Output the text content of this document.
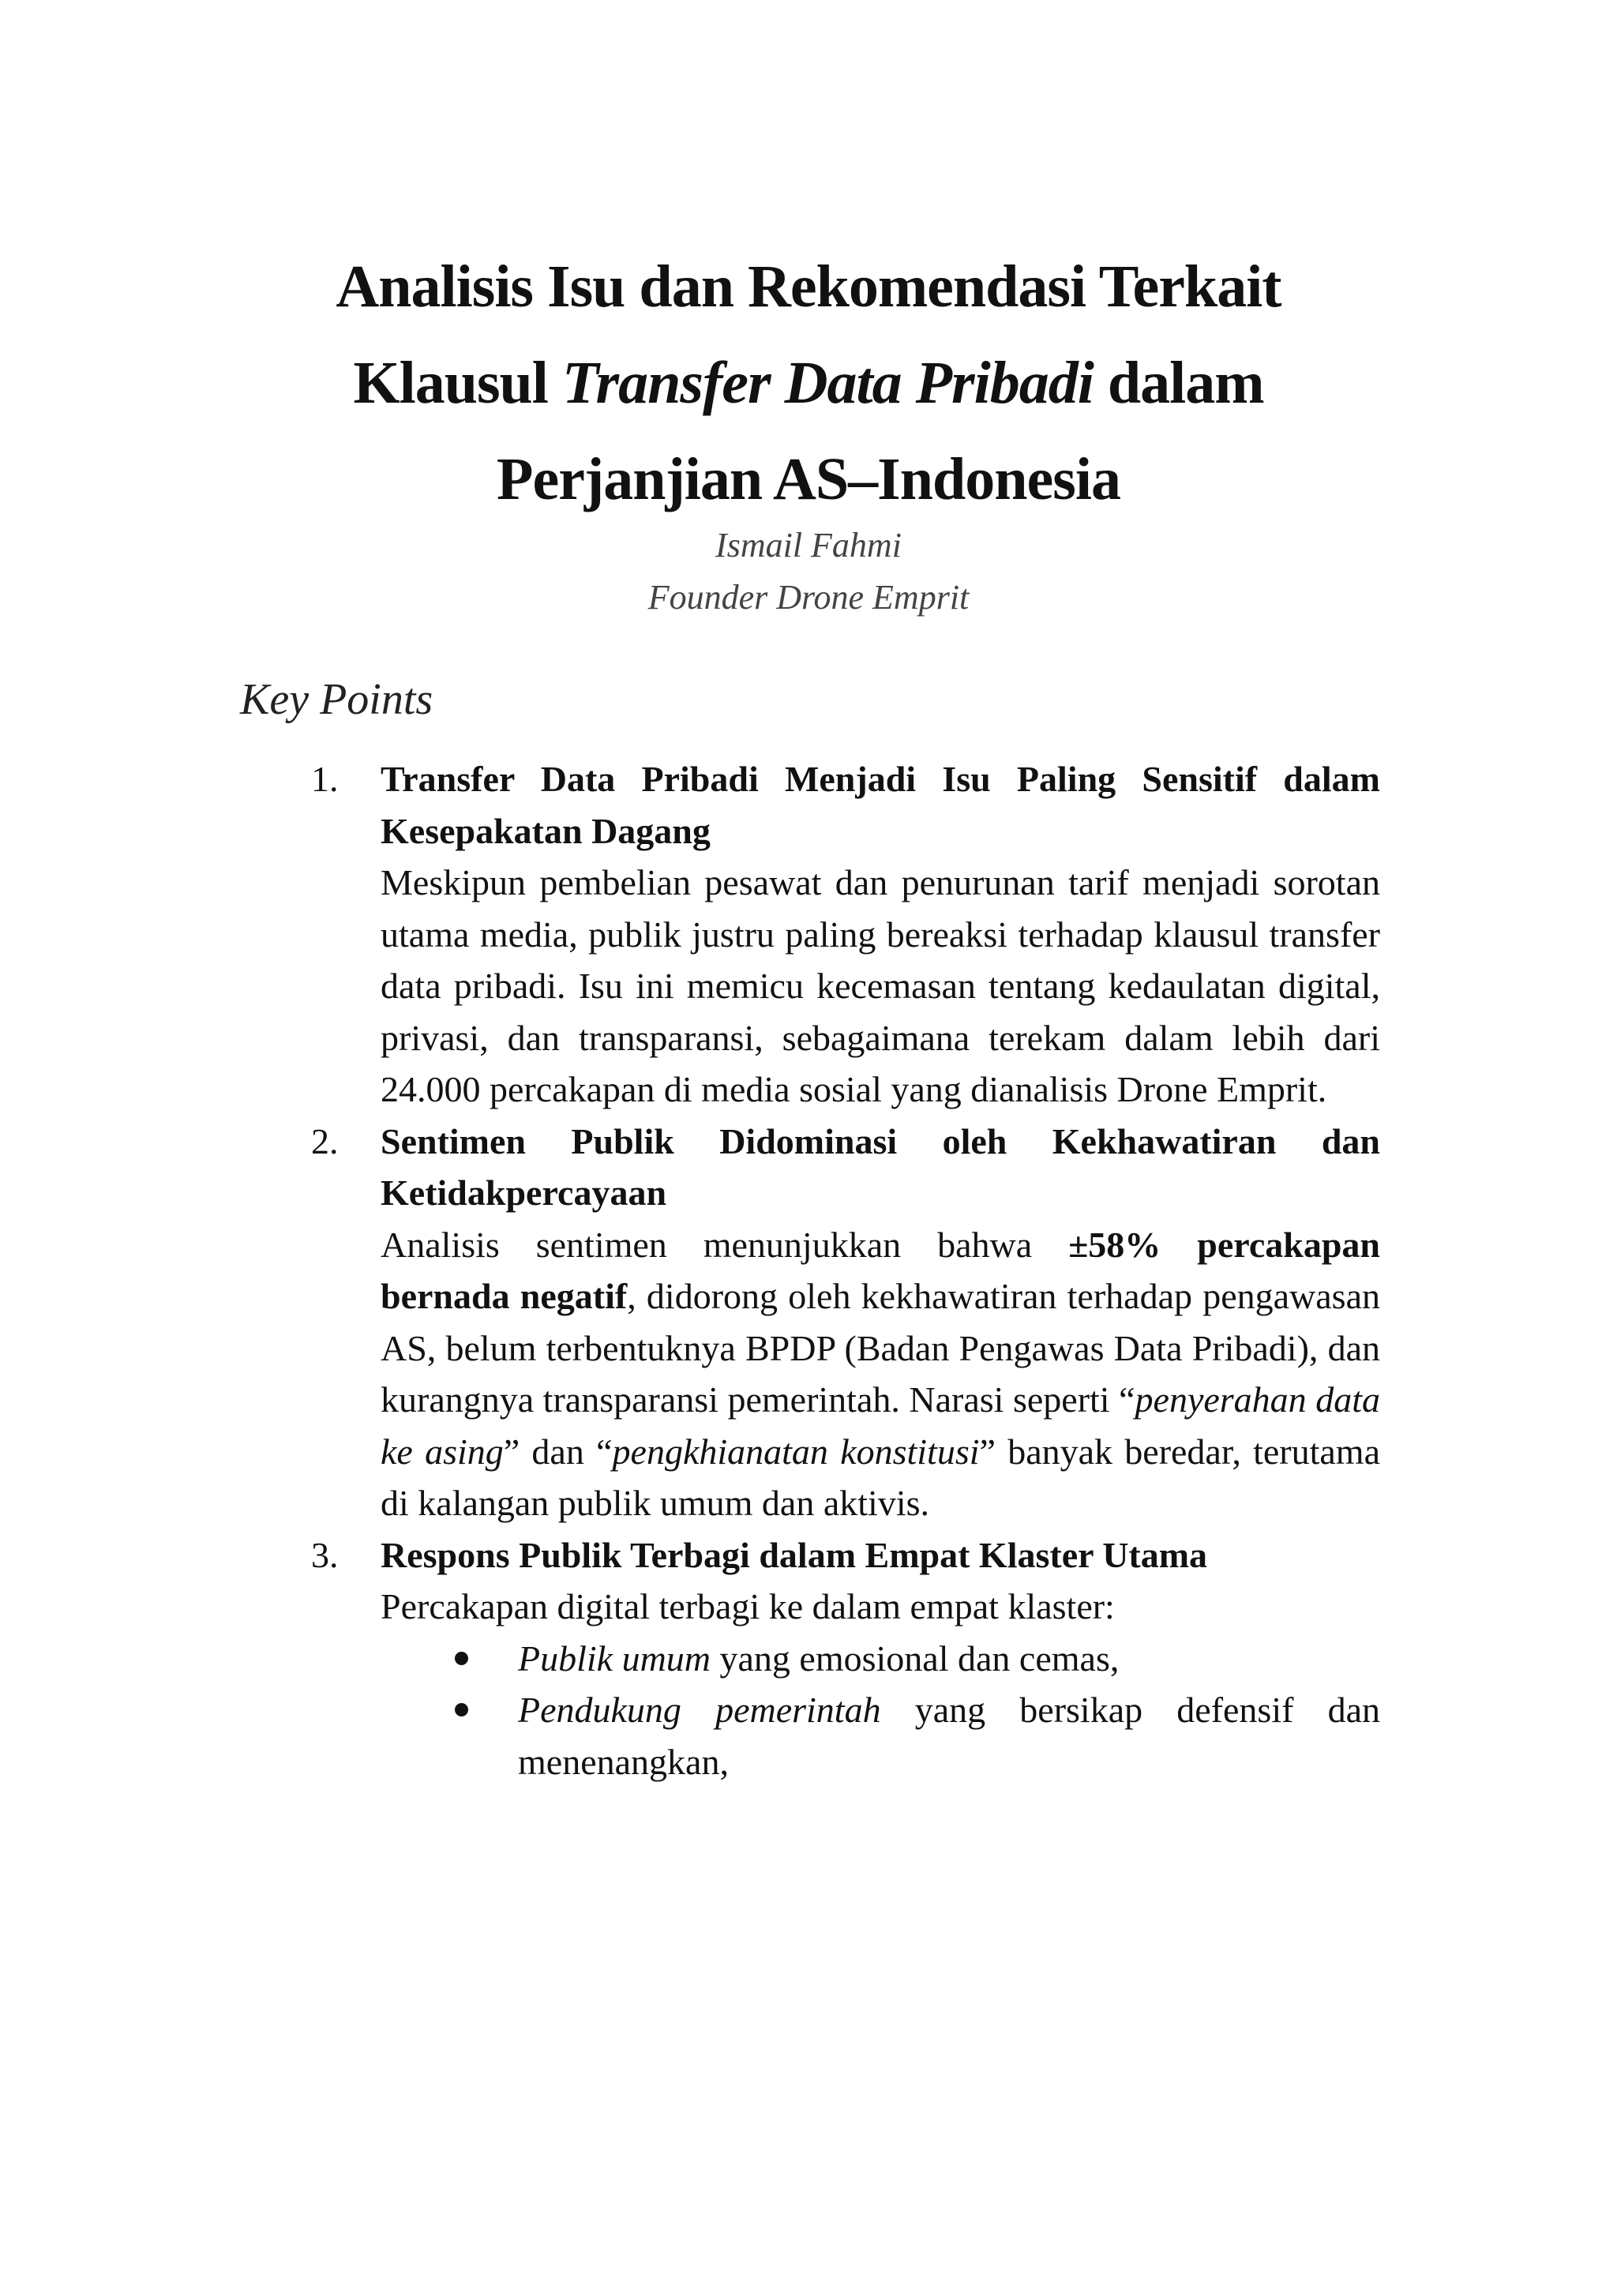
Analisis Isu dan Rekomendasi Terkait
Klausul Transfer Data Pribadi dalam
Perjanjian AS–Indonesia
Ismail Fahmi
Founder Drone Emprit
Key Points
1.	Transfer Data Pribadi Menjadi Isu Paling Sensitif dalam Kesepakatan Dagang
Meskipun pembelian pesawat dan penurunan tarif menjadi sorotan utama media, publik justru paling bereaksi terhadap klausul transfer data pribadi. Isu ini memicu kecemasan tentang kedaulatan digital, privasi, dan transparansi, sebagaimana terekam dalam lebih dari 24.000 percakapan di media sosial yang dianalisis Drone Emprit.
2.	Sentimen Publik Didominasi oleh Kekhawatiran dan Ketidakpercayaan
Analisis sentimen menunjukkan bahwa ±58% percakapan bernada negatif, didorong oleh kekhawatiran terhadap pengawasan AS, belum terbentuknya BPDP (Badan Pengawas Data Pribadi), dan kurangnya transparansi pemerintah. Narasi seperti “penyerahan data ke asing” dan “pengkhianatan konstitusi” banyak beredar, terutama di kalangan publik umum dan aktivis.
3.	Respons Publik Terbagi dalam Empat Klaster Utama
Percakapan digital terbagi ke dalam empat klaster:
Publik umum yang emosional dan cemas,
Pendukung pemerintah yang bersikap defensif dan menenangkan,
